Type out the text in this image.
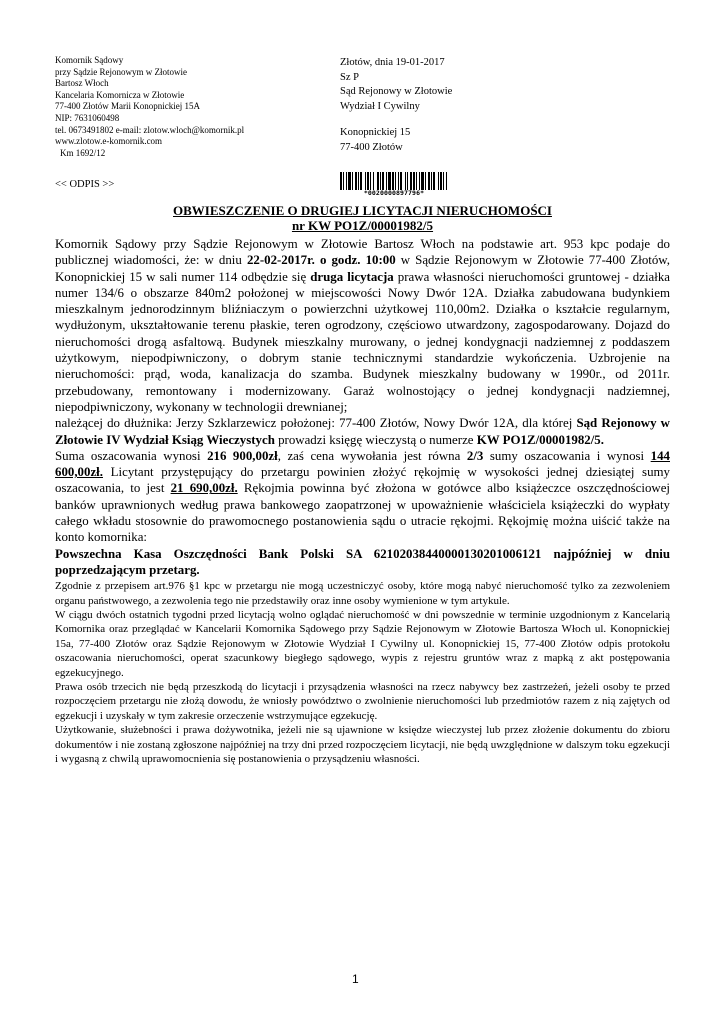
Komornik Sądowy
przy Sądzie Rejonowym w Złotowie
Bartosz Włoch
Kancelaria Komornicza w Złotowie
77-400 Złotów Marii Konopnickiej 15A
NIP: 7631060498
tel. 0673491802 e-mail: zlotow.wloch@komornik.pl
www.zlotow.e-komornik.com
Km 1692/12
Złotów, dnia 19-01-2017
Sz P
Sąd Rejonowy w Złotowie
Wydział I Cywilny
Konopnickiej 15
77-400 Złotów
*0020000897796*
<< ODPIS >>
OBWIESZCZENIE O DRUGIEJ LICYTACJI NIERUCHOMOŚCI
nr KW PO1Z/00001982/5

Komornik Sądowy przy Sądzie Rejonowym w Złotowie Bartosz Włoch na podstawie art. 953 kpc podaje do publicznej wiadomości, że: w dniu 22-02-2017r. o godz. 10:00 w Sądzie Rejonowym w Złotowie 77-400 Złotów, Konopnickiej 15 w sali numer 114 odbędzie się druga licytacja prawa własności nieruchomości gruntowej - działka numer 134/6 o obszarze 840m2 położonej w miejscowości Nowy Dwór 12A. Działka zabudowana budynkiem mieszkalnym jednorodzinnym bliźniaczym o powierzchni użytkowej 110,00m2. Działka o kształcie regularnym, wydłużonym, ukształtowanie terenu płaskie, teren ogrodzony, częściowo utwardzony, zagospodarowany. Dojazd do nieruchomości drogą asfaltową. Budynek mieszkalny murowany, o jednej kondygnacji nadziemnej z poddaszem użytkowym, niepodpiwniczony, o dobrym stanie technicznymi standardzie wykończenia. Uzbrojenie na nieruchomości: prąd, woda, kanalizacja do szamba. Budynek mieszkalny budowany w 1990r., od 2011r. przebudowany, remontowany i modernizowany. Garaż wolnostojący o jednej kondygnacji nadziemnej, niepodpiwniczony, wykonany w technologii drewnianej;

należącej do dłużnika: Jerzy Szklarzewicz położonej: 77-400 Złotów, Nowy Dwór 12A, dla której Sąd Rejonowy w Złotowie IV Wydział Ksiąg Wieczystych prowadzi księgę wieczystą o numerze KW PO1Z/00001982/5.

Suma oszacowania wynosi 216 900,00zł, zaś cena wywołania jest równa 2/3 sumy oszacowania i wynosi 144 600,00zł. Licytant przystępujący do przetargu powinien złożyć rękojmię w wysokości jednej dziesiątej sumy oszacowania, to jest 21 690,00zł. Rękojmia powinna być złożona w gotówce albo książeczce oszczędnościowej banków uprawnionych według prawa bankowego zaopatrzonej w upoważnienie właściciela książeczki do wypłaty całego wkładu stosownie do prawomocnego postanowienia sądu o utracie rękojmi. Rękojmię można uiścić także na konto komornika:

Powszechna Kasa Oszczędności Bank Polski SA 62102038440000130201006121 najpóźniej w dniu poprzedzającym przetarg.

Zgodnie z przepisem art.976 §1 kpc w przetargu nie mogą uczestniczyć osoby, które mogą nabyć nieruchomość tylko za zezwoleniem organu państwowego, a zezwolenia tego nie przedstawiły oraz inne osoby wymienione w tym artykule.

W ciągu dwóch ostatnich tygodni przed licytacją wolno oglądać nieruchomość w dni powszednie w terminie uzgodnionym z Kancelarią Komornika oraz przeglądać w Kancelarii Komornika Sądowego przy Sądzie Rejonowym w Złotowie Bartosza Włoch ul. Konopnickiej 15a, 77-400 Złotów oraz Sądzie Rejonowym w Złotowie Wydział I Cywilny ul. Konopnickiej 15, 77-400 Złotów odpis protokołu oszacowania nieruchomości, operat szacunkowy biegłego sądowego, wypis z rejestru gruntów wraz z mapką z akt postępowania egzekucyjnego.

Prawa osób trzecich nie będą przeszkodą do licytacji i przysądzenia własności na rzecz nabywcy bez zastrzeżeń, jeżeli osoby te przed rozpoczęciem przetargu nie złożą dowodu, że wniosły powództwo o zwolnienie nieruchomości lub przedmiotów razem z nią zajętych od egzekucji i uzyskały w tym zakresie orzeczenie wstrzymujące egzekucję.

Użytkowanie, służebności i prawa dożywotnika, jeżeli nie są ujawnione w księdze wieczystej lub przez złożenie dokumentu do zbioru dokumentów i nie zostaną zgłoszone najpóźniej na trzy dni przed rozpoczęciem licytacji, nie będą uwzględnione w dalszym toku egzekucji i wygasną z chwilą uprawomocnienia się postanowienia o przysądzeniu własności.

1
